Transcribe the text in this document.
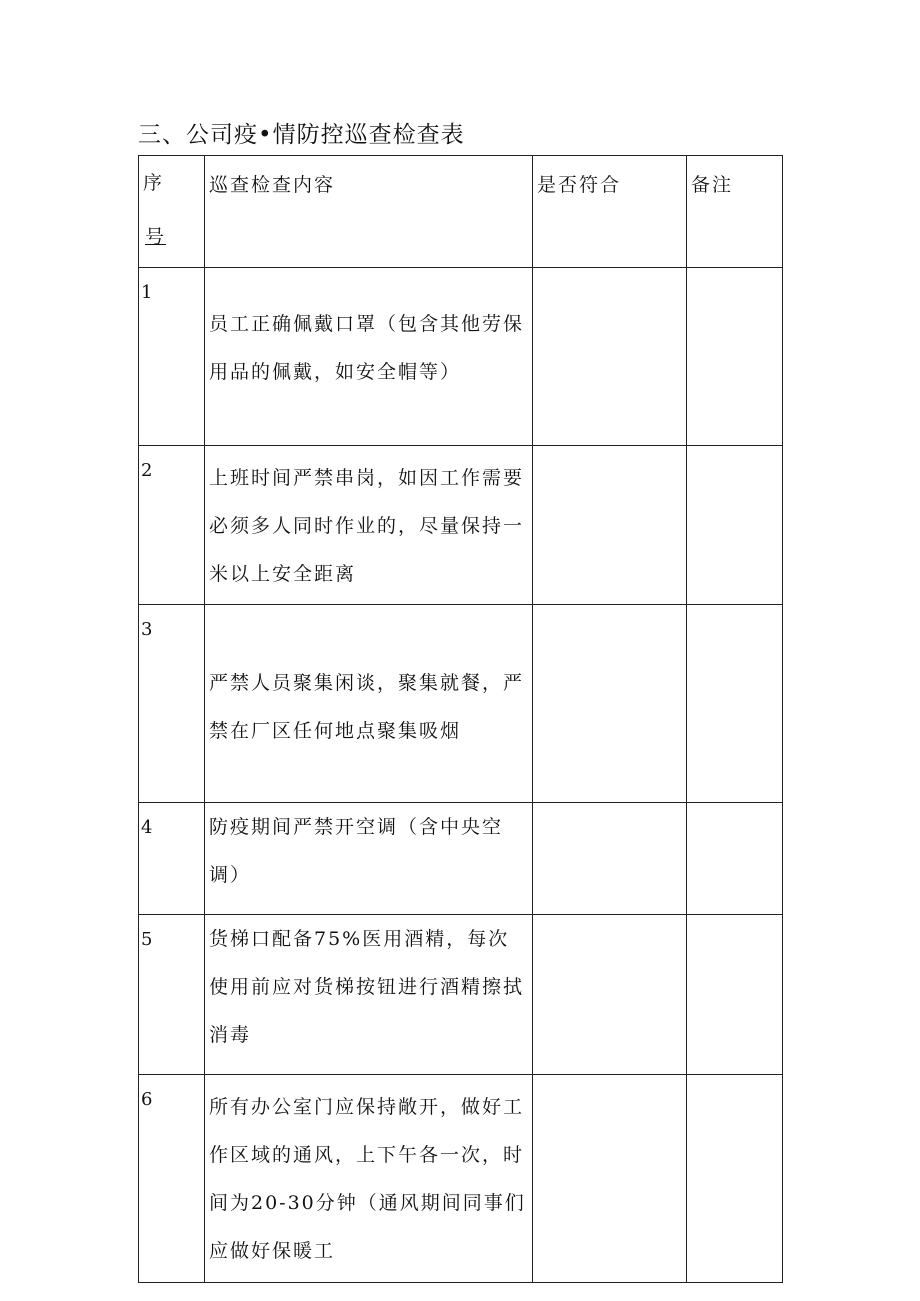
三、公司疫•情防控巡查检查表
序
号	巡查检查内容	是否符合	备注
1	员工正确佩戴口罩（包含其他劳保用品的佩戴，如安全帽等）		
2	上班时间严禁串岗，如因工作需要必须多人同时作业的，尽量保持一米以上安全距离		
3	严禁人员聚集闲谈，聚集就餐，严禁在厂区任何地点聚集吸烟		
4	防疫期间严禁开空调（含中央空调）		
5	货梯口配备75%医用酒精，每次使用前应对货梯按钮进行酒精擦拭消毒		
6	所有办公室门应保持敞开，做好工作区域的通风，上下午各一次，时间为20-30分钟（通风期间同事们应做好保暖工		
